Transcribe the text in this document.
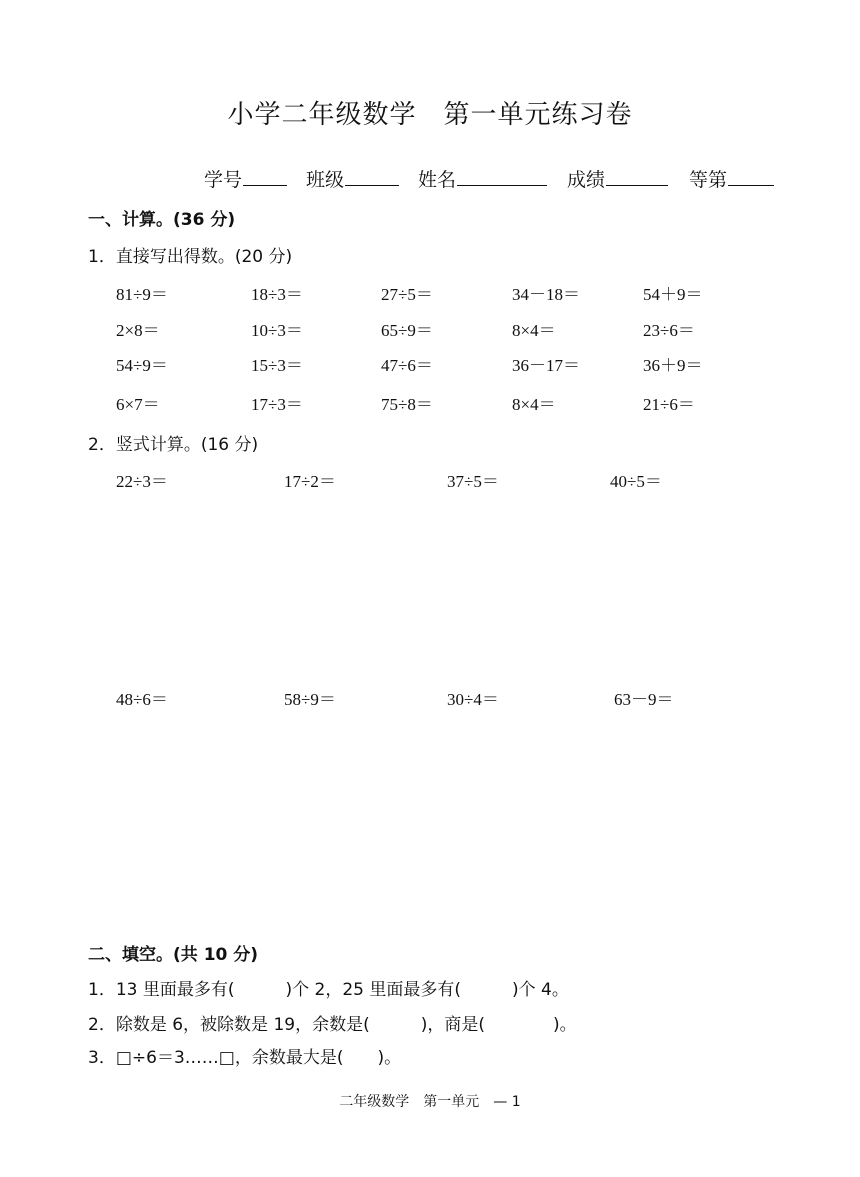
小学二年级数学　第一单元练习卷
学号	班级	姓名	成绩	等第
一、计算。(36 分)
1．直接写出得数。(20 分)
81÷9＝	18÷3＝	27÷5＝	34－18＝	54＋9＝
2×8＝	10÷3＝	65÷9＝	8×4＝	23÷6＝
54÷9＝	15÷3＝	47÷6＝	36－17＝	36＋9＝
6×7＝	17÷3＝	75÷8＝	8×4＝	21÷6＝
2．竖式计算。(16 分)
22÷3＝	17÷2＝	37÷5＝	40÷5＝
48÷6＝	58÷9＝	30÷4＝	63－9＝
二、填空。(共 10 分)
1．13 里面最多有(　　　)个 2，25 里面最多有(　　　)个 4。
2．除数是 6，被除数是 19，余数是(　　　)，商是(　　　　)。
3．□÷6＝3……□，余数最大是(　　)。
二年级数学　第一单元　— 1
